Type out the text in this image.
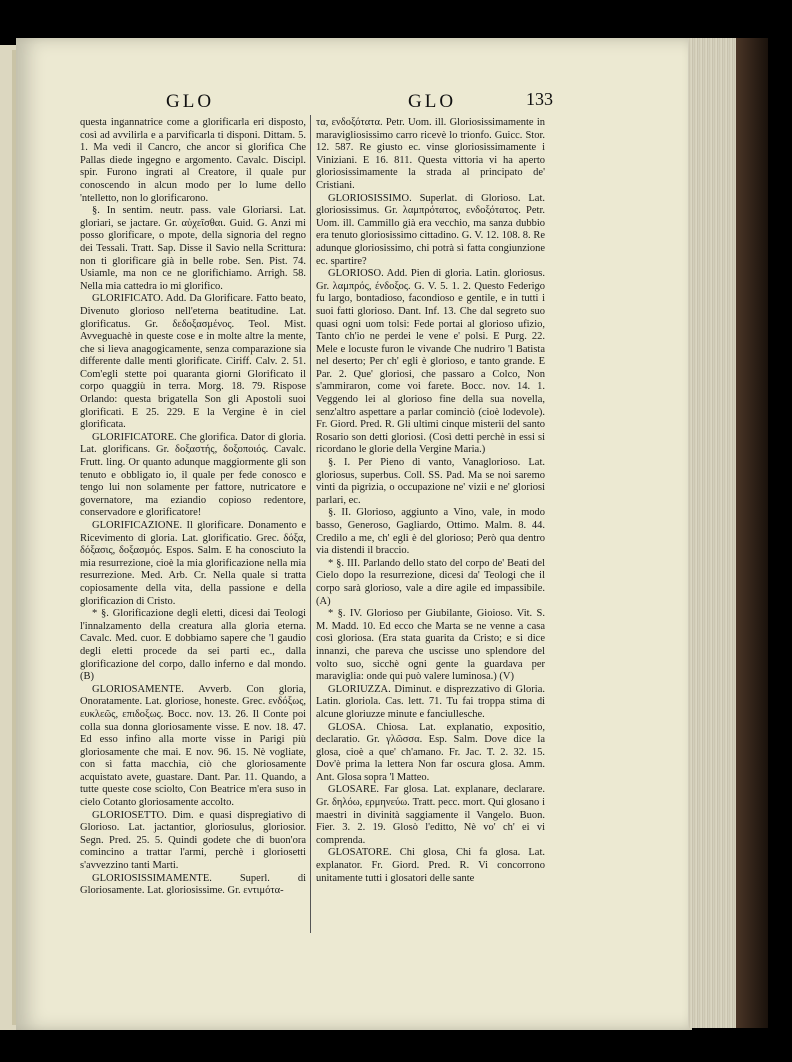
GLO	GLO	133

questa ingannatrice come a glorificarla eri disposto, così ad avvilirla e a parvificarla ti disponi. Dittam. 5. 1. Ma vedi il Cancro, che ancor si glorifica Che Pallas diede ingegno e argomento. Cavalc. Discipl. spir. Furono ingrati al Creatore, il quale pur conoscendo in alcun modo per lo lume dello 'ntelletto, non lo glorificarono.

§. In sentim. neutr. pass. vale Gloriarsi. Lat. gloriari, se jactare. Gr. αὐχεῖσθαι. Guid. G. Anzi mi posso glorificare, o mpote, della signoria del regno dei Tessali. Tratt. Sap. Disse il Savio nella Scrittura: non ti glorificare già in belle robe. Sen. Pist. 74. Usiamle, ma non ce ne glorifichiamo. Arrigh. 58. Nella mia cattedra io mi glorifico.

GLORIFICATO. Add. Da Glorificare. Fatto beato, Divenuto glorioso nell'eterna beatitudine. Lat. glorificatus. Gr. δεδοξασμένος. Teol. Mist. Avveguachè in queste cose e in molte altre la mente, che si lieva anagogicamente, senza comparazione sia differente dalle menti glorificate. Ciriff. Calv. 2. 51. Com'egli stette poi quaranta giorni Glorificato il corpo quaggiù in terra. Morg. 18. 79. Rispose Orlando: questa brigatella Son gli Apostoli suoi glorificati. E 25. 229. E la Vergine è in ciel glorificata.

GLORIFICATORE. Che glorifica. Dator di gloria. Lat. glorificans. Gr. δοξαστής, δοξοποιός. Cavalc. Frutt. ling. Or quanto adunque maggiormente gli son tenuto e obbligato io, il quale per fede conosco e tengo lui non solamente per fattore, nutricatore e governatore, ma eziandio copioso redentore, conservadore e glorificatore!

GLORIFICAZIONE. Il glorificare. Donamento e Ricevimento di gloria. Lat. glorificatio. Grec. δόξα, δόξασις, δοξασμός. Espos. Salm. E ha conosciuto la mia resurrezione, cioè la mia glorificazione nella mia resurrezione. Med. Arb. Cr. Nella quale si tratta copiosamente della vita, della passione e della glorificazion di Cristo.

* §. Glorificazione degli eletti, dicesi dai Teologi l'innalzamento della creatura alla gloria eterna. Cavalc. Med. cuor. E dobbiamo sapere che 'l gaudio degli eletti procede da sei parti ec., dalla glorificazione del corpo, dallo inferno e dal mondo. (B)

GLORIOSAMENTE. Avverb. Con gloria, Onoratamente. Lat. gloriose, honeste. Grec. ενδόξως, ευκλεῶς, επιδοξως. Bocc. nov. 13. 26. Il Conte poi colla sua donna gloriosamente visse. E nov. 18. 47. Ed esso infino alla morte visse in Parigi più gloriosamente che mai. E nov. 96. 15. Nè vogliate, con sì fatta macchia, ciò che gloriosamente acquistato avete, guastare. Dant. Par. 11. Quando, a tutte queste cose sciolto, Con Beatrice m'era suso in cielo Cotanto gloriosamente accolto.

GLORIOSETTO. Dim. e quasi dispregiativo di Glorioso. Lat. jactantior, gloriosulus, gloriosior. Segn. Pred. 25. 5. Quindi godete che di buon'ora comincino a trattar l'armi, perchè i gloriosetti s'avvezzino tanti Marti.

GLORIOSISSIMAMENTE. Superl. di Gloriosamente. Lat. gloriosissime. Gr. εντιμότα-

τα, ενδοξότατα. Petr. Uom. ill. Gloriosissimamente in maravigliosissimo carro ricevè lo trionfo. Guicc. Stor. 12. 587. Re giusto ec. vinse gloriosissimamente i Viniziani. E 16. 811. Questa vittoria vi ha aperto gloriosissimamente la strada al principato de' Cristiani.

GLORIOSISSIMO. Superlat. di Glorioso. Lat. gloriosissimus. Gr. λαμπρότατος, ενδοξότατος. Petr. Uom. ill. Cammillo già era vecchio, ma sanza dubbio era tenuto gloriosissimo cittadino. G. V. 12. 108. 8. Re adunque gloriosissimo, chi potrà sì fatta congiunzione ec. spartire?

GLORIOSO. Add. Pien di gloria. Latin. gloriosus. Gr. λαμπρός, ένδοξος. G. V. 5. 1. 2. Questo Federigo fu largo, bontadioso, facondioso e gentile, e in tutti i suoi fatti glorioso. Dant. Inf. 13. Che dal segreto suo quasi ogni uom tolsi: Fede portai al glorioso ufizio, Tanto ch'io ne perdei le vene e' polsi. E Purg. 22. Mele e locuste furon le vivande Che nudriro 'l Batista nel deserto; Per ch' egli è glorioso, e tanto grande. E Par. 2. Que' gloriosi, che passaro a Colco, Non s'ammiraron, come voi farete. Bocc. nov. 14. 1. Veggendo lei al glorioso fine della sua novella, senz'altro aspettare a parlar cominciò (cioè lodevole). Fr. Giord. Pred. R. Gli ultimi cinque misterii del santo Rosario son detti gloriosi. (Così detti perchè in essi si ricordano le glorie della Vergine Maria.)

§. I. Per Pieno di vanto, Vanaglorioso. Lat. gloriosus, superbus. Coll. SS. Pad. Ma se noi saremo vinti da pigrizia, o occupazione ne' vizii e ne' gloriosi parlari, ec.

§. II. Glorioso, aggiunto a Vino, vale, in modo basso, Generoso, Gagliardo, Ottimo. Malm. 8. 44. Credilo a me, ch' egli è del glorioso; Però qua dentro via distendi il braccio.

* §. III. Parlando dello stato del corpo de' Beati del Cielo dopo la resurrezione, dicesi da' Teologi che il corpo sarà glorioso, vale a dire agile ed impassibile. (A)

* §. IV. Glorioso per Giubilante, Gioioso. Vit. S. M. Madd. 10. Ed ecco che Marta se ne venne a casa così gloriosa. (Era stata guarita da Cristo; e si dice innanzi, che pareva che uscisse uno splendore del volto suo, sicchè ogni gente la guardava per maraviglia: onde qui può valere luminosa.) (V)

GLORIUZZA. Diminut. e disprezzativo di Gloria. Latin. gloriola. Cas. lett. 71. Tu fai troppa stima di alcune gloriuzze minute e fanciullesche.

GLOSA. Chiosa. Lat. explanatio, expositio, declaratio. Gr. γλῶσσα. Esp. Salm. Dove dice la glosa, cioè a que' ch'amano. Fr. Jac. T. 2. 32. 15. Dov'è prima la lettera Non far oscura glosa. Amm. Ant. Glosa sopra 'l Matteo.

GLOSARE. Far glosa. Lat. explanare, declarare. Gr. δηλόω, ερμηνεύω. Tratt. pecc. mort. Qui glosano i maestri in divinità saggiamente il Vangelo. Buon. Fier. 3. 2. 19. Glosò l'editto, Nè vo' ch' ei vi comprenda.

GLOSATORE. Chi glosa, Chi fa glosa. Lat. explanator. Fr. Giord. Pred. R. Vi concorrono unitamente tutti i glosatori delle sante
